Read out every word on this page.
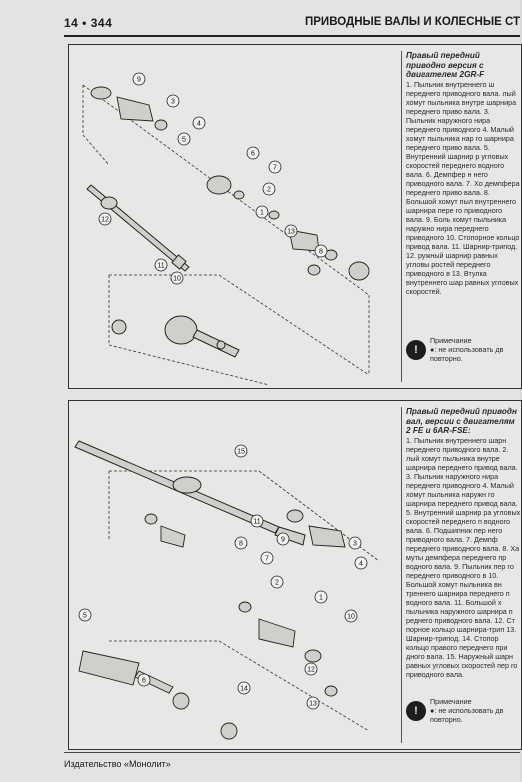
14 • 344	ПРИВОДНЫЕ ВАЛЫ И КОЛЕСНЫЕ СТ
9
3
4
5
6
7
2
1
12
13
8
11
10
Правый передний приводно версия с двигателем 2GR-F
1. Пыльник внутреннего ш переднего приводного вала. лый хомут пыльника внутре шарнира переднего приво вала. 3. Пыльник наружного нира переднего приводного 4. Малый хомут пыльника нар го шарнира переднего приво вала. 5. Внутренний шарнир р угловых скоростей переднего водного вала. 6. Демпфер н него приводного вала. 7. Хо демпфера переднего приво вала. 8. Большой хомут пыл внутреннего шарнира пере го приводного вала. 9. Боль хомут пыльника наружно нира переднего приводного 10. Стопорное кольцо привод вала. 11. Шарнир-трипод. 12. ружный шарнир равных угловы ростей переднего приводного в 13. Втулка внутреннего шар равных угловых скоростей.
!
Примечание
●: не использовать дв повторно.
15
11
9
3
4
8
7
2
5
1
10
6
14
12
13
Правый передний приводн вал, версии с двигателям 2 FE и 6AR-FSE:
1. Пыльник внутреннего шарн переднего приводного вала. 2. лый хомут пыльника внутре шарнира переднего привод вала. 3. Пыльник наружного нира переднего приводного 4. Малый хомут пыльника наружн го шарнира переднего привод вала. 5. Внутренний шарнир ра угловых скоростей переднего п водного вала. 6. Подшипник пер него приводного вала. 7. Демпф переднего приводного вала. 8. Ха муты демпфера переднего пр водного вала. 9. Пыльник пер го переднего приводного в 10. Большой хомут пыльника вн треннего шарнира переднего п водного вала. 11. Большой х пыльника наружного шарнира п реднего приводного вала. 12. Ст порное кольцо шарнира-трип 13. Шарнир-трипод. 14. Стопор кольцо правого переднего при дного вала. 15. Наружный шарн равных угловых скоростей пер го приводного вала.
!
Примечание
●: не использовать дв повторно.
Издательство «Монолит»
